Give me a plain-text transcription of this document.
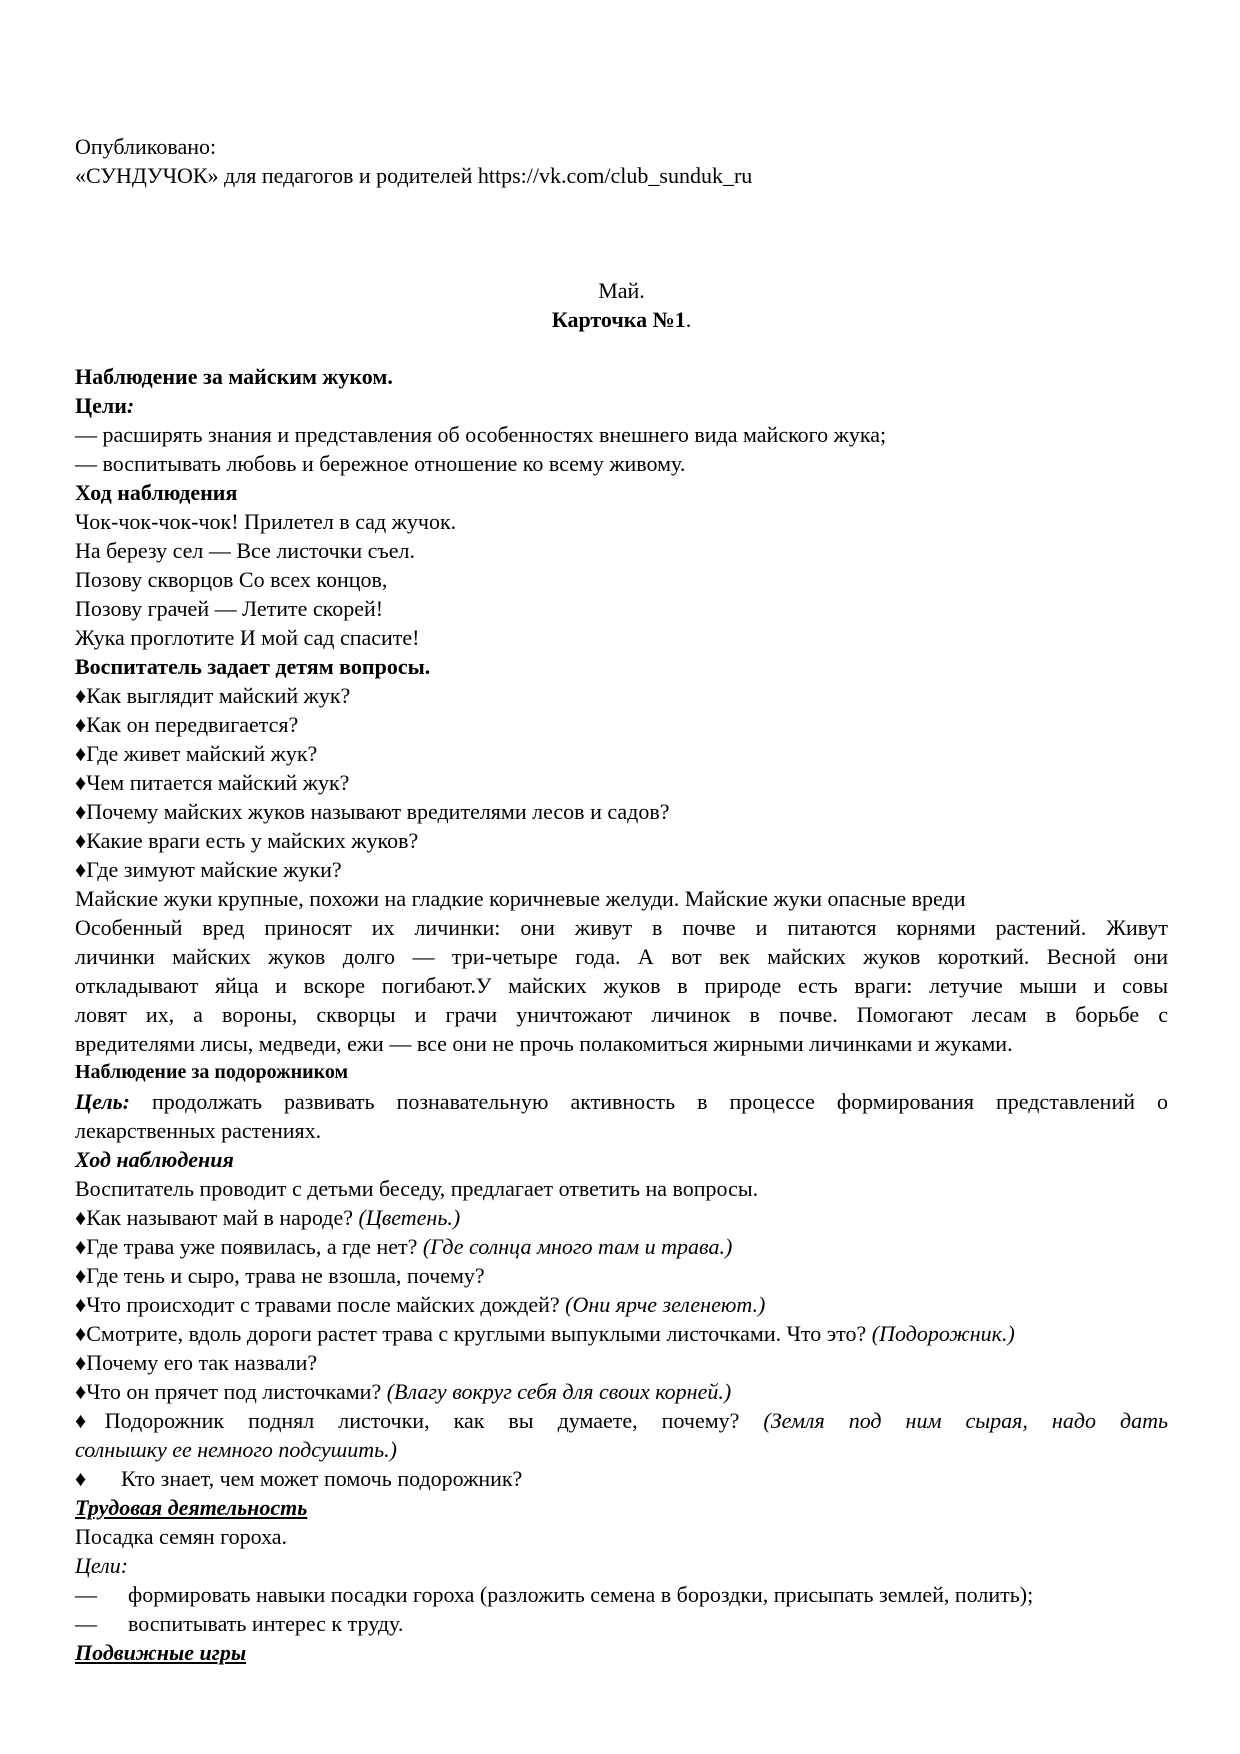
Опубликовано:
«СУНДУЧОК» для педагогов и родителей https://vk.com/club_sunduk_ru
Май.
Карточка №1.
Наблюдение за майским жуком.
Цели:
— расширять знания и представления об особенностях внешнего вида майского жука;
— воспитывать любовь и бережное отношение ко всему живому.
Ход наблюдения
Чок-чок-чок-чок! Прилетел в сад жучок.
На березу сел — Все листочки съел.
Позову скворцов Со всех концов,
Позову грачей — Летите скорей!
Жука проглотите И мой сад спасите!
Воспитатель задает детям вопросы.
♦Как выглядит майский жук?
♦Как он передвигается?
♦Где живет майский жук?
♦Чем питается майский жук?
♦Почему майских жуков называют вредителями лесов и садов?
♦Какие враги есть у майских жуков?
♦Где зимуют майские жуки?
Майские жуки крупные, похожи на гладкие коричневые желуди. Майские жуки опасные вреди
Особенный вред приносят их личинки: они живут в почве и питаются корнями растений. Живут
личинки майских жуков долго — три-четыре года. А вот век майских жуков короткий. Весной они
откладывают яйца и вскоре погибают.У майских жуков в природе есть враги: летучие мыши и совы
ловят их, а вороны, скворцы и грачи уничтожают личинок в почве. Помогают лесам в борьбе с
вредителями лисы, медведи, ежи — все они не прочь полакомиться жирными личинками и жуками.
Наблюдение за подорожником
Цель: продолжать развивать познавательную активность в процессе формирования представлений о
лекарственных растениях.
Ход наблюдения
Воспитатель проводит с детьми беседу, предлагает ответить на вопросы.
♦Как называют май в народе? (Цветень.)
♦Где трава уже появилась, а где нет? (Где солнца много там и трава.)
♦Где тень и сыро, трава не взошла, почему?
♦Что происходит с травами после майских дождей? (Они ярче зеленеют.)
♦Смотрите, вдоль дороги растет трава с круглыми выпуклыми листочками. Что это? (Подорожник.)
♦Почему его так назвали?
♦Что он прячет под листочками? (Влагу вокруг себя для своих корней.)
♦Подорожник поднял листочки, как вы думаете, почему? (Земля под ним сырая, надо дать
солнышку ее немного подсушить.)
♦ Кто знает, чем может помочь подорожник?
Трудовая деятельность
Посадка семян гороха.
Цели:
—	формировать навыки посадки гороха (разложить семена в бороздки, присыпать землей, полить);
—	воспитывать интерес к труду.
Подвижные игры
